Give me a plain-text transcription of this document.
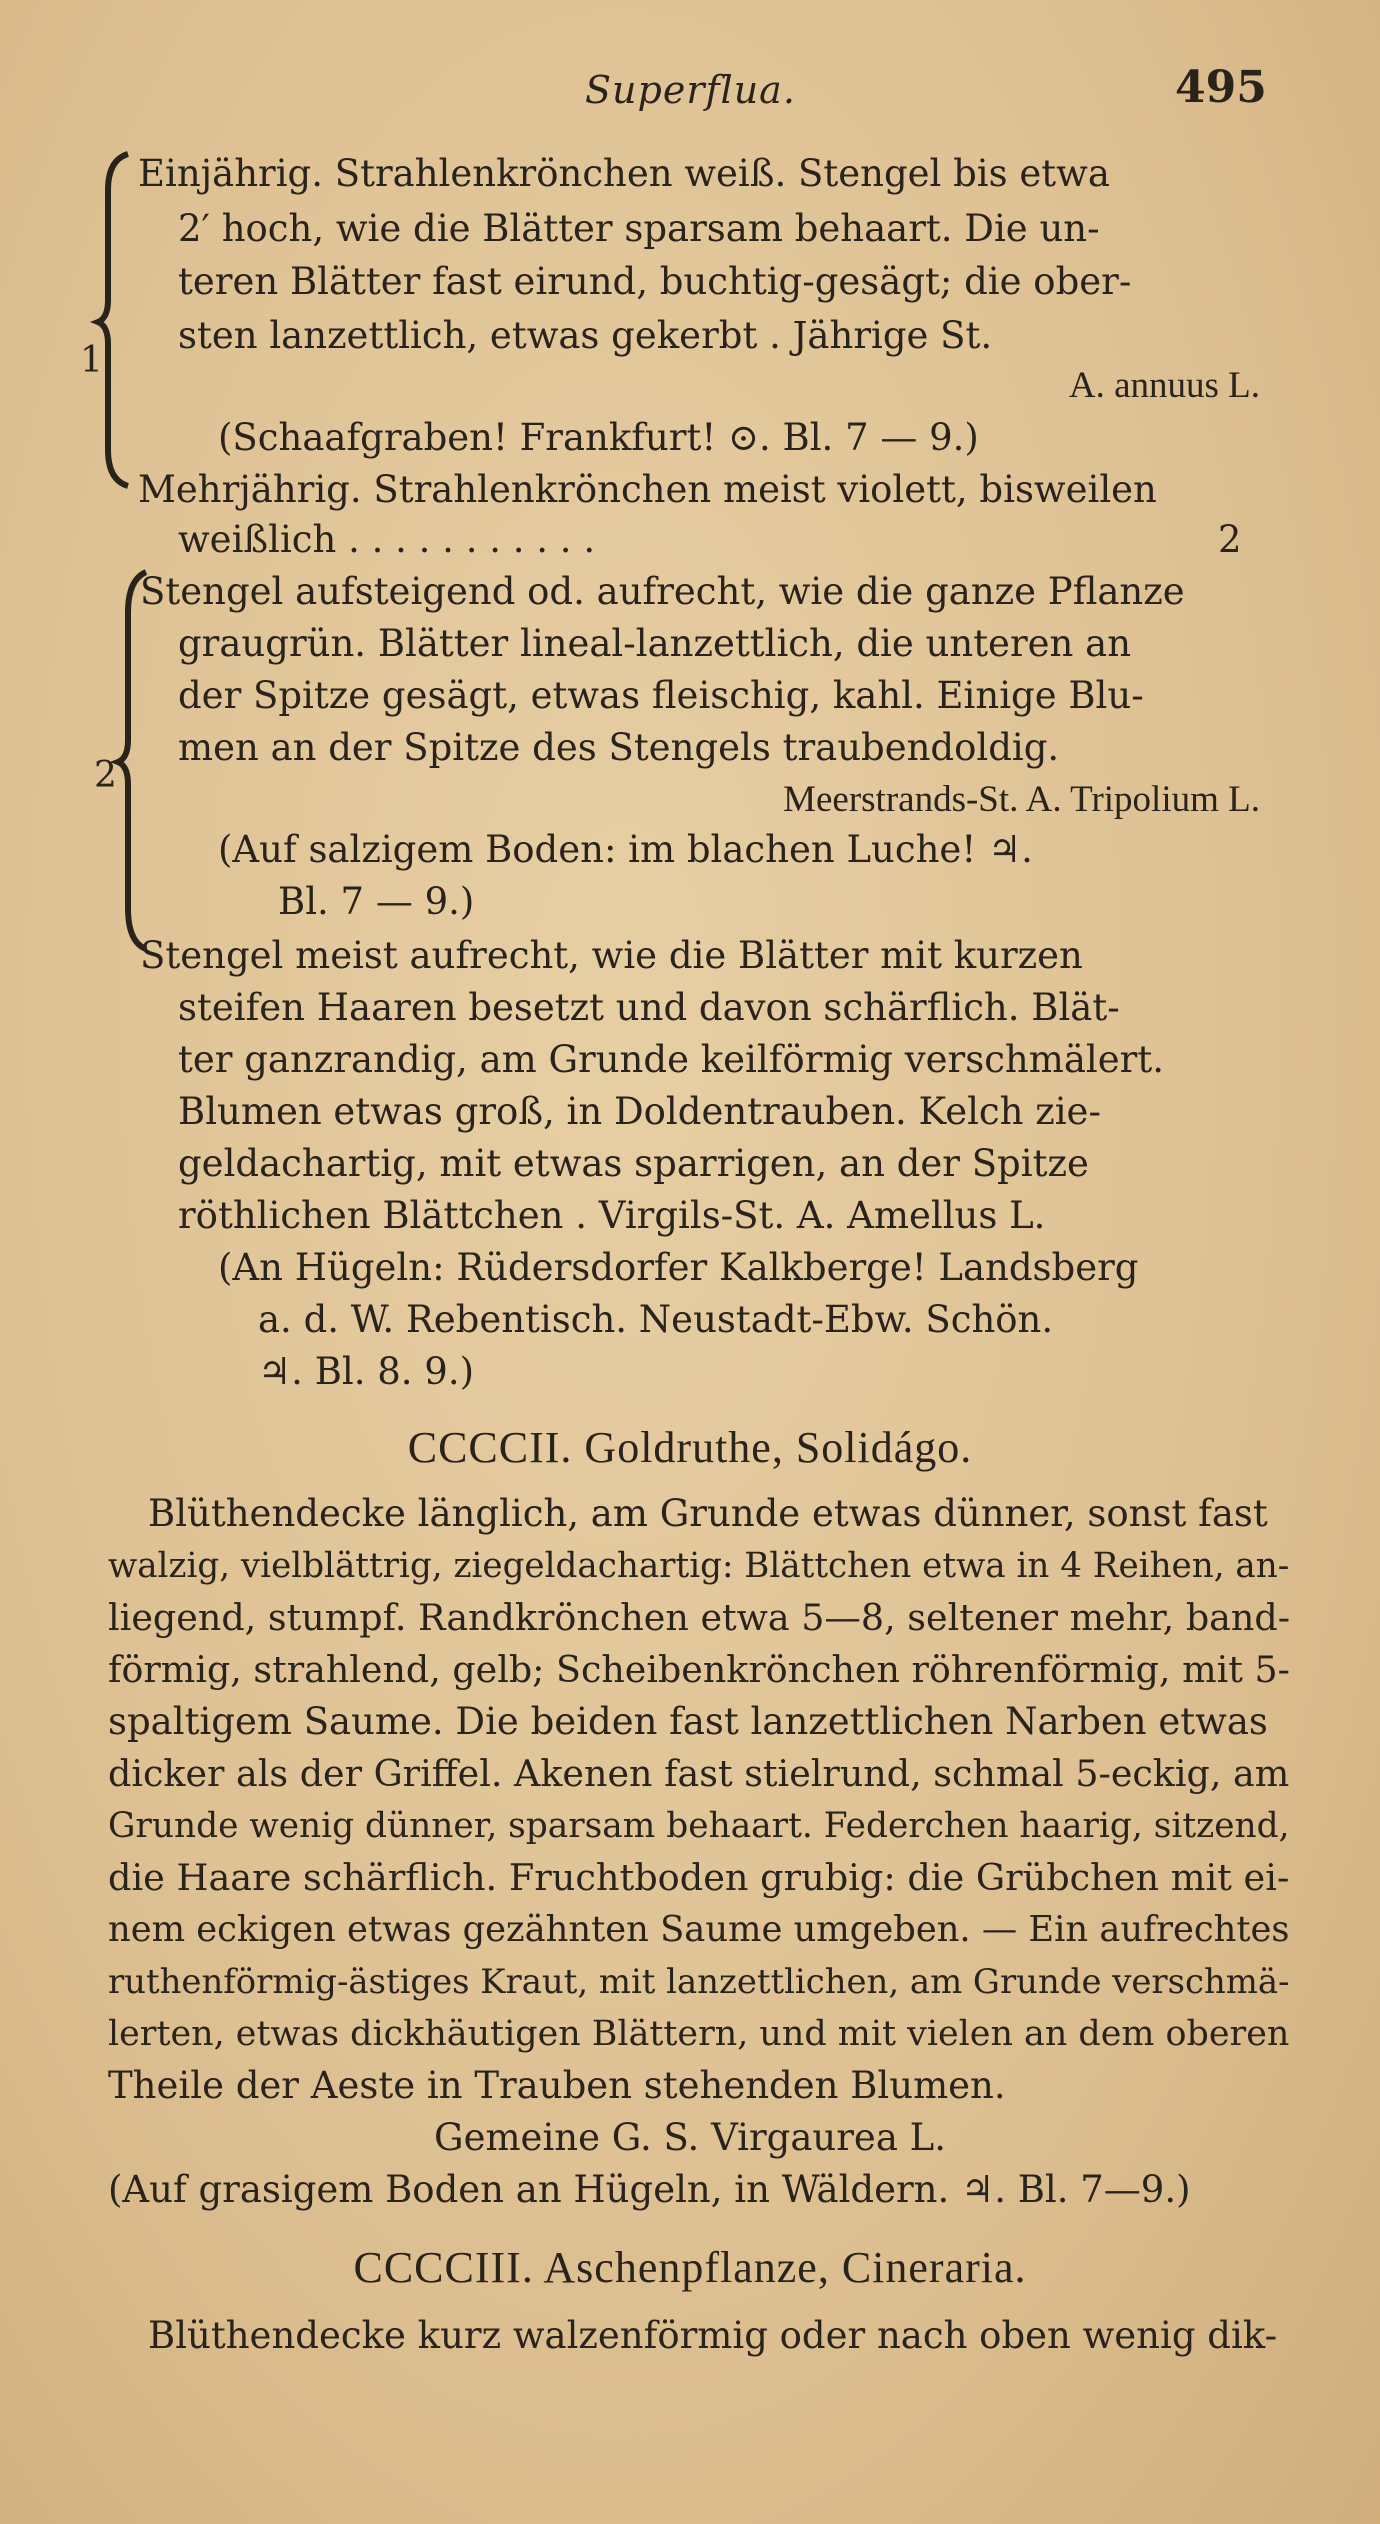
Superflua.	495
1
Einjährig. Strahlenkrönchen weiß. Stengel bis etwa
2′ hoch, wie die Blätter sparsam behaart. Die un-
teren Blätter fast eirund, buchtig-gesägt; die ober-
sten lanzettlich, etwas gekerbt . Jährige St.
A. annuus L.
(Schaafgraben! Frankfurt! ⊙. Bl. 7 — 9.)
Mehrjährig. Strahlenkrönchen meist violett, bisweilen
weißlich . . . . . . . . . . .	2
2
Stengel aufsteigend od. aufrecht, wie die ganze Pflanze
graugrün. Blätter lineal-lanzettlich, die unteren an
der Spitze gesägt, etwas fleischig, kahl. Einige Blu-
men an der Spitze des Stengels traubendoldig.
Meerstrands-St. A. Tripolium L.
(Auf salzigem Boden: im blachen Luche! ♃.
Bl. 7 — 9.)
Stengel meist aufrecht, wie die Blätter mit kurzen
steifen Haaren besetzt und davon schärflich. Blät-
ter ganzrandig, am Grunde keilförmig verschmälert.
Blumen etwas groß, in Doldentrauben. Kelch zie-
geldachartig, mit etwas sparrigen, an der Spitze
röthlichen Blättchen . Virgils-St. A. Amellus L.
(An Hügeln: Rüdersdorfer Kalkberge! Landsberg
a. d. W. Rebentisch. Neustadt-Ebw. Schön.
♃. Bl. 8. 9.)
CCCCII. Goldruthe, Solidágo.
Blüthendecke länglich, am Grunde etwas dünner, sonst fast
walzig, vielblättrig, ziegeldachartig: Blättchen etwa in 4 Reihen, an-
liegend, stumpf. Randkrönchen etwa 5—8, seltener mehr, band-
förmig, strahlend, gelb; Scheibenkrönchen röhrenförmig, mit 5-
spaltigem Saume. Die beiden fast lanzettlichen Narben etwas
dicker als der Griffel. Akenen fast stielrund, schmal 5-eckig, am
Grunde wenig dünner, sparsam behaart. Federchen haarig, sitzend,
die Haare schärflich. Fruchtboden grubig: die Grübchen mit ei-
nem eckigen etwas gezähnten Saume umgeben. — Ein aufrechtes
ruthenförmig-ästiges Kraut, mit lanzettlichen, am Grunde verschmä-
lerten, etwas dickhäutigen Blättern, und mit vielen an dem oberen
Theile der Aeste in Trauben stehenden Blumen.
Gemeine G. S. Virgaurea L.
(Auf grasigem Boden an Hügeln, in Wäldern. ♃. Bl. 7—9.)
CCCCIII. Aschenpflanze, Cineraria.
Blüthendecke kurz walzenförmig oder nach oben wenig dik-
